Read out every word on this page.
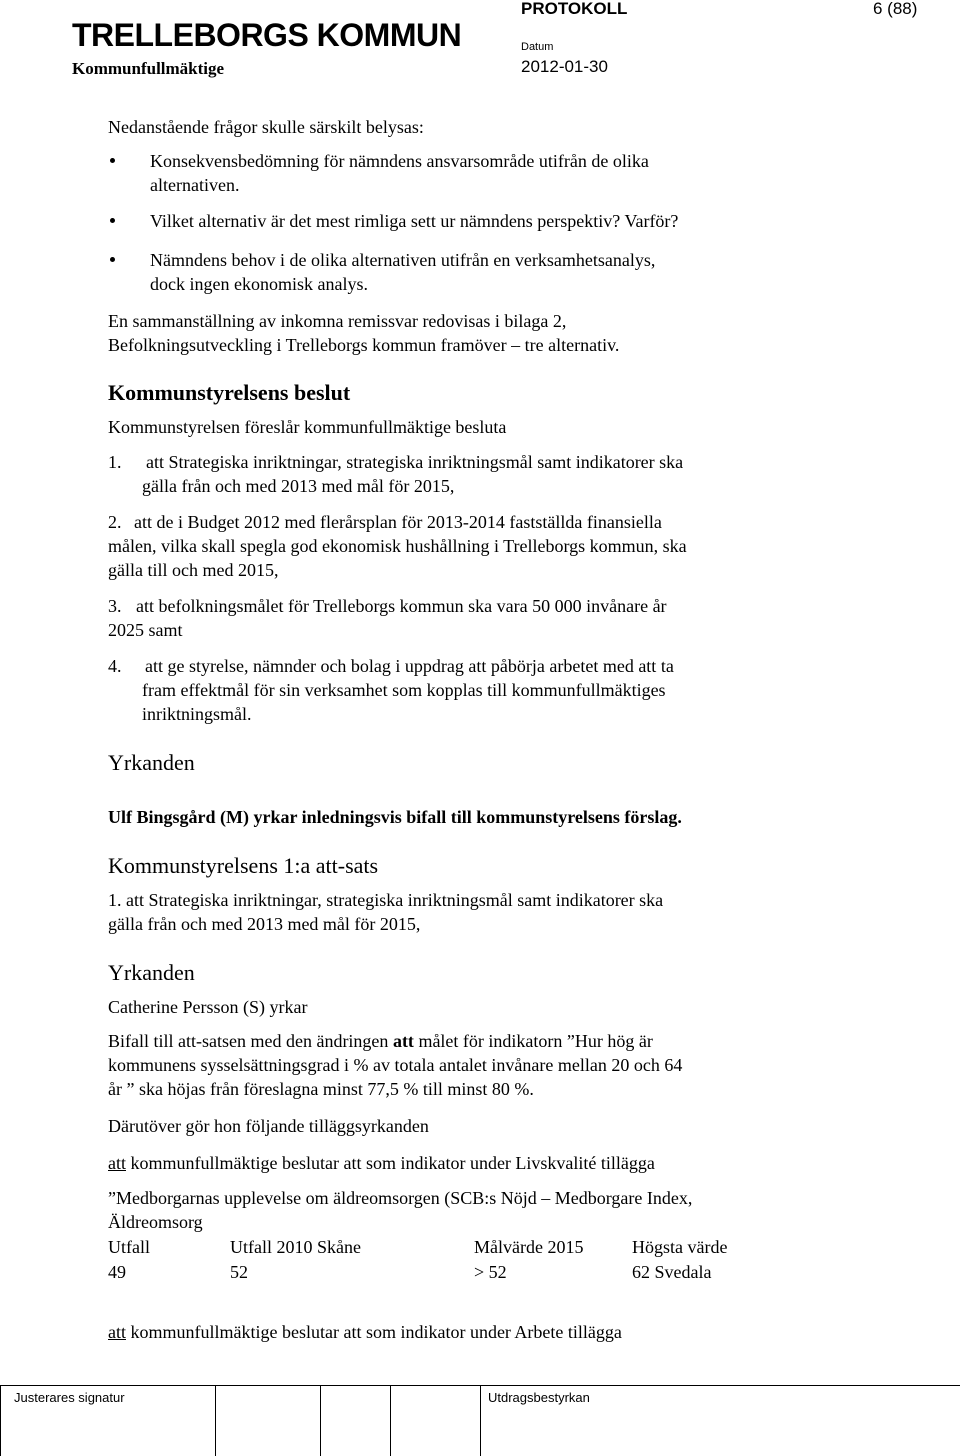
TRELLEBORGS KOMMUN
Kommunfullmäktige
PROTOKOLL	6 (88)
Datum
2012-01-30
Nedanstående frågor skulle särskilt belysas:
Konsekvensbedömning för nämndens ansvarsområde utifrån de olika
alternativen.
Vilket alternativ är det mest rimliga sett ur nämndens perspektiv? Varför?
Nämndens behov i de olika alternativen utifrån en verksamhetsanalys,
dock ingen ekonomisk analys.
En sammanställning av inkomna remissvar redovisas i bilaga 2,
Befolkningsutveckling i Trelleborgs kommun framöver – tre alternativ.
Kommunstyrelsens beslut
Kommunstyrelsen föreslår kommunfullmäktige besluta
1. att Strategiska inriktningar, strategiska inriktningsmål samt indikatorer ska
gälla från och med 2013 med mål för 2015,
2. att de i Budget 2012 med flerårsplan för 2013-2014 fastställda finansiella
målen, vilka skall spegla god ekonomisk hushållning i Trelleborgs kommun, ska
gälla till och med 2015,
3. att befolkningsmålet för Trelleborgs kommun ska vara 50 000 invånare år
2025 samt
4. att ge styrelse, nämnder och bolag i uppdrag att påbörja arbetet med att ta
fram effektmål för sin verksamhet som kopplas till kommunfullmäktiges
inriktningsmål.
Yrkanden
Ulf Bingsgård (M) yrkar inledningsvis bifall till kommunstyrelsens förslag.
Kommunstyrelsens 1:a att-sats
1. att Strategiska inriktningar, strategiska inriktningsmål samt indikatorer ska
gälla från och med 2013 med mål för 2015,
Yrkanden
Catherine Persson (S) yrkar
Bifall till att-satsen med den ändringen att målet för indikatorn ”Hur hög är
kommunens sysselsättningsgrad i % av totala antalet invånare mellan 20 och 64
år ” ska höjas från föreslagna minst 77,5 % till minst 80 %.
Därutöver gör hon följande tilläggsyrkanden
att kommunfullmäktige beslutar att som indikator under Livskvalité tillägga
”Medborgarnas upplevelse om äldreomsorgen (SCB:s Nöjd – Medborgare Index,
Äldreomsorg
Utfall	Utfall 2010 Skåne	Målvärde 2015	Högsta värde
49	52	> 52	62 Svedala
att kommunfullmäktige beslutar att som indikator under Arbete tillägga
Justerares signatur	Utdragsbestyrkan
